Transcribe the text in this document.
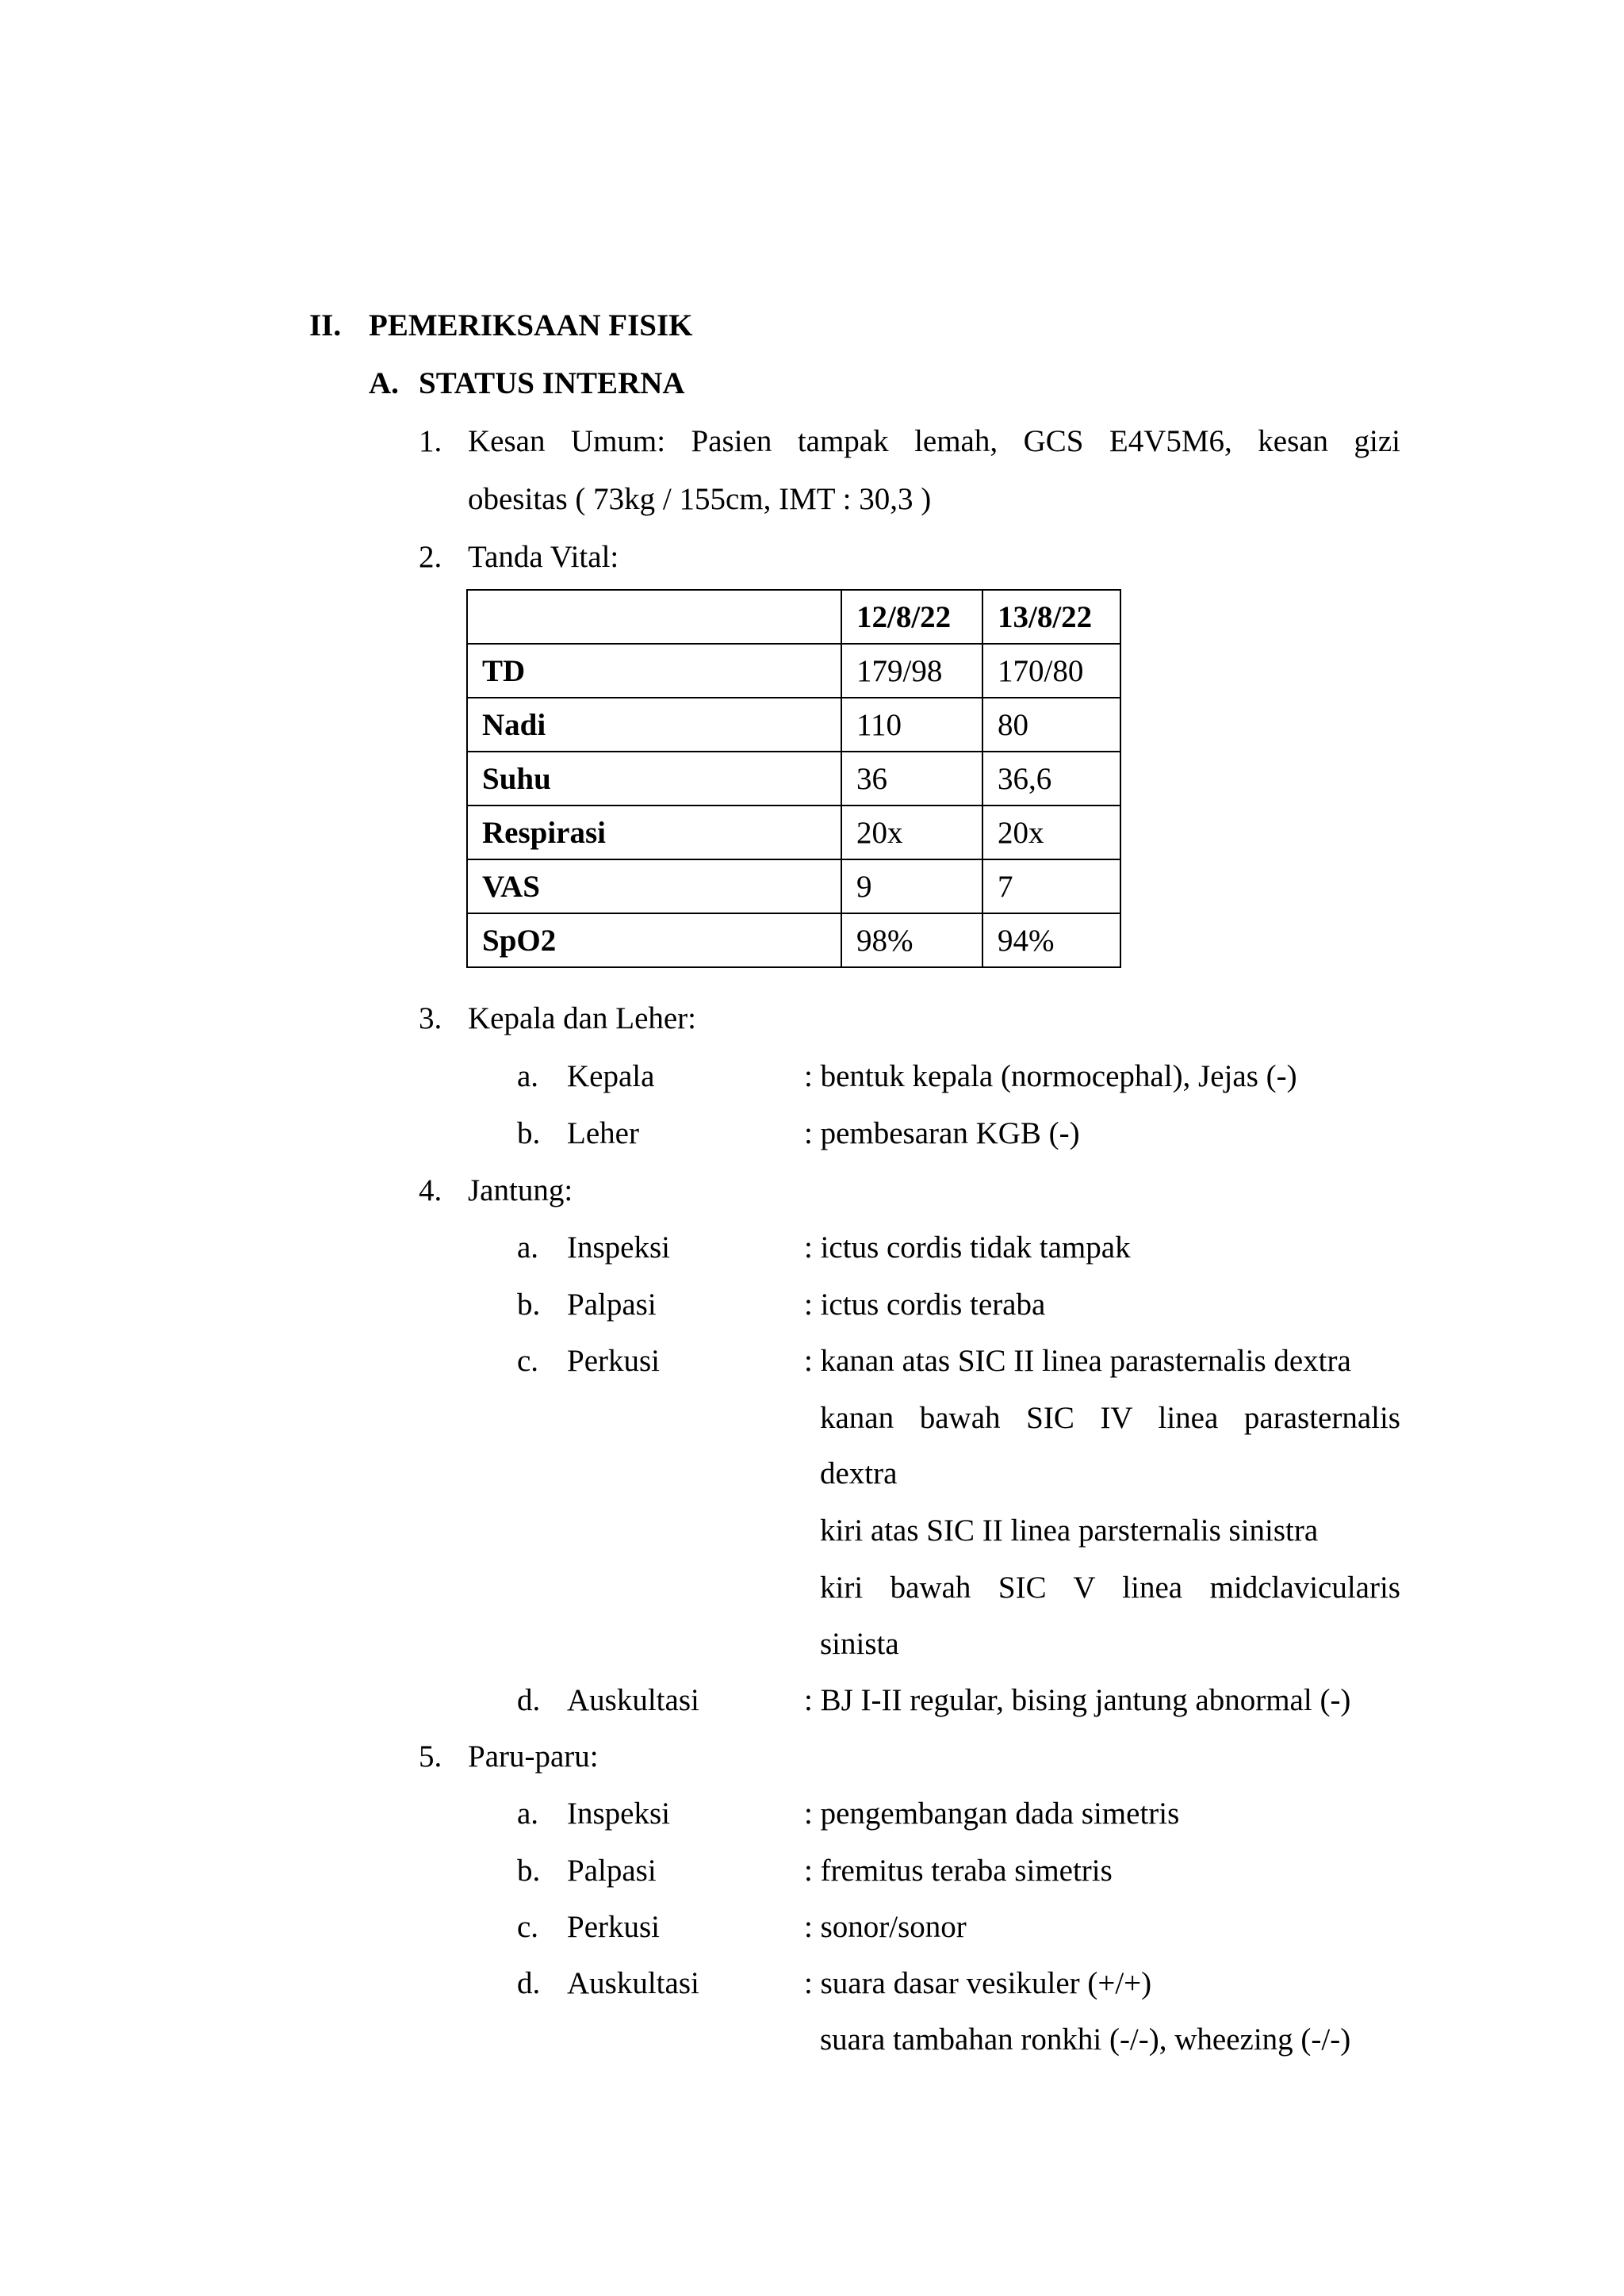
II. PEMERIKSAAN FISIK
A. STATUS INTERNA
1. Kesan Umum: Pasien tampak lemah, GCS E4V5M6, kesan gizi
obesitas ( 73kg / 155cm, IMT : 30,3 )
2. Tanda Vital:
	12/8/22	13/8/22
TD	179/98	170/80
Nadi	110	80
Suhu	36	36,6
Respirasi	20x	20x
VAS	9	7
SpO2	98%	94%
3. Kepala dan Leher:
a. Kepala	: bentuk kepala (normocephal), Jejas (-)
b. Leher	: pembesaran KGB (-)
4. Jantung:
a. Inspeksi	: ictus cordis tidak tampak
b. Palpasi	: ictus cordis teraba
c. Perkusi	: kanan atas SIC II linea parasternalis dextra
kanan bawah SIC IV linea parasternalis
dextra
kiri atas SIC II linea parsternalis sinistra
kiri bawah SIC V linea midclavicularis
sinista
d. Auskultasi	: BJ I-II regular, bising jantung abnormal (-)
5. Paru-paru:
a. Inspeksi	: pengembangan dada simetris
b. Palpasi	: fremitus teraba simetris
c. Perkusi	: sonor/sonor
d. Auskultasi	: suara dasar vesikuler (+/+)
suara tambahan ronkhi (-/-), wheezing (-/-)
